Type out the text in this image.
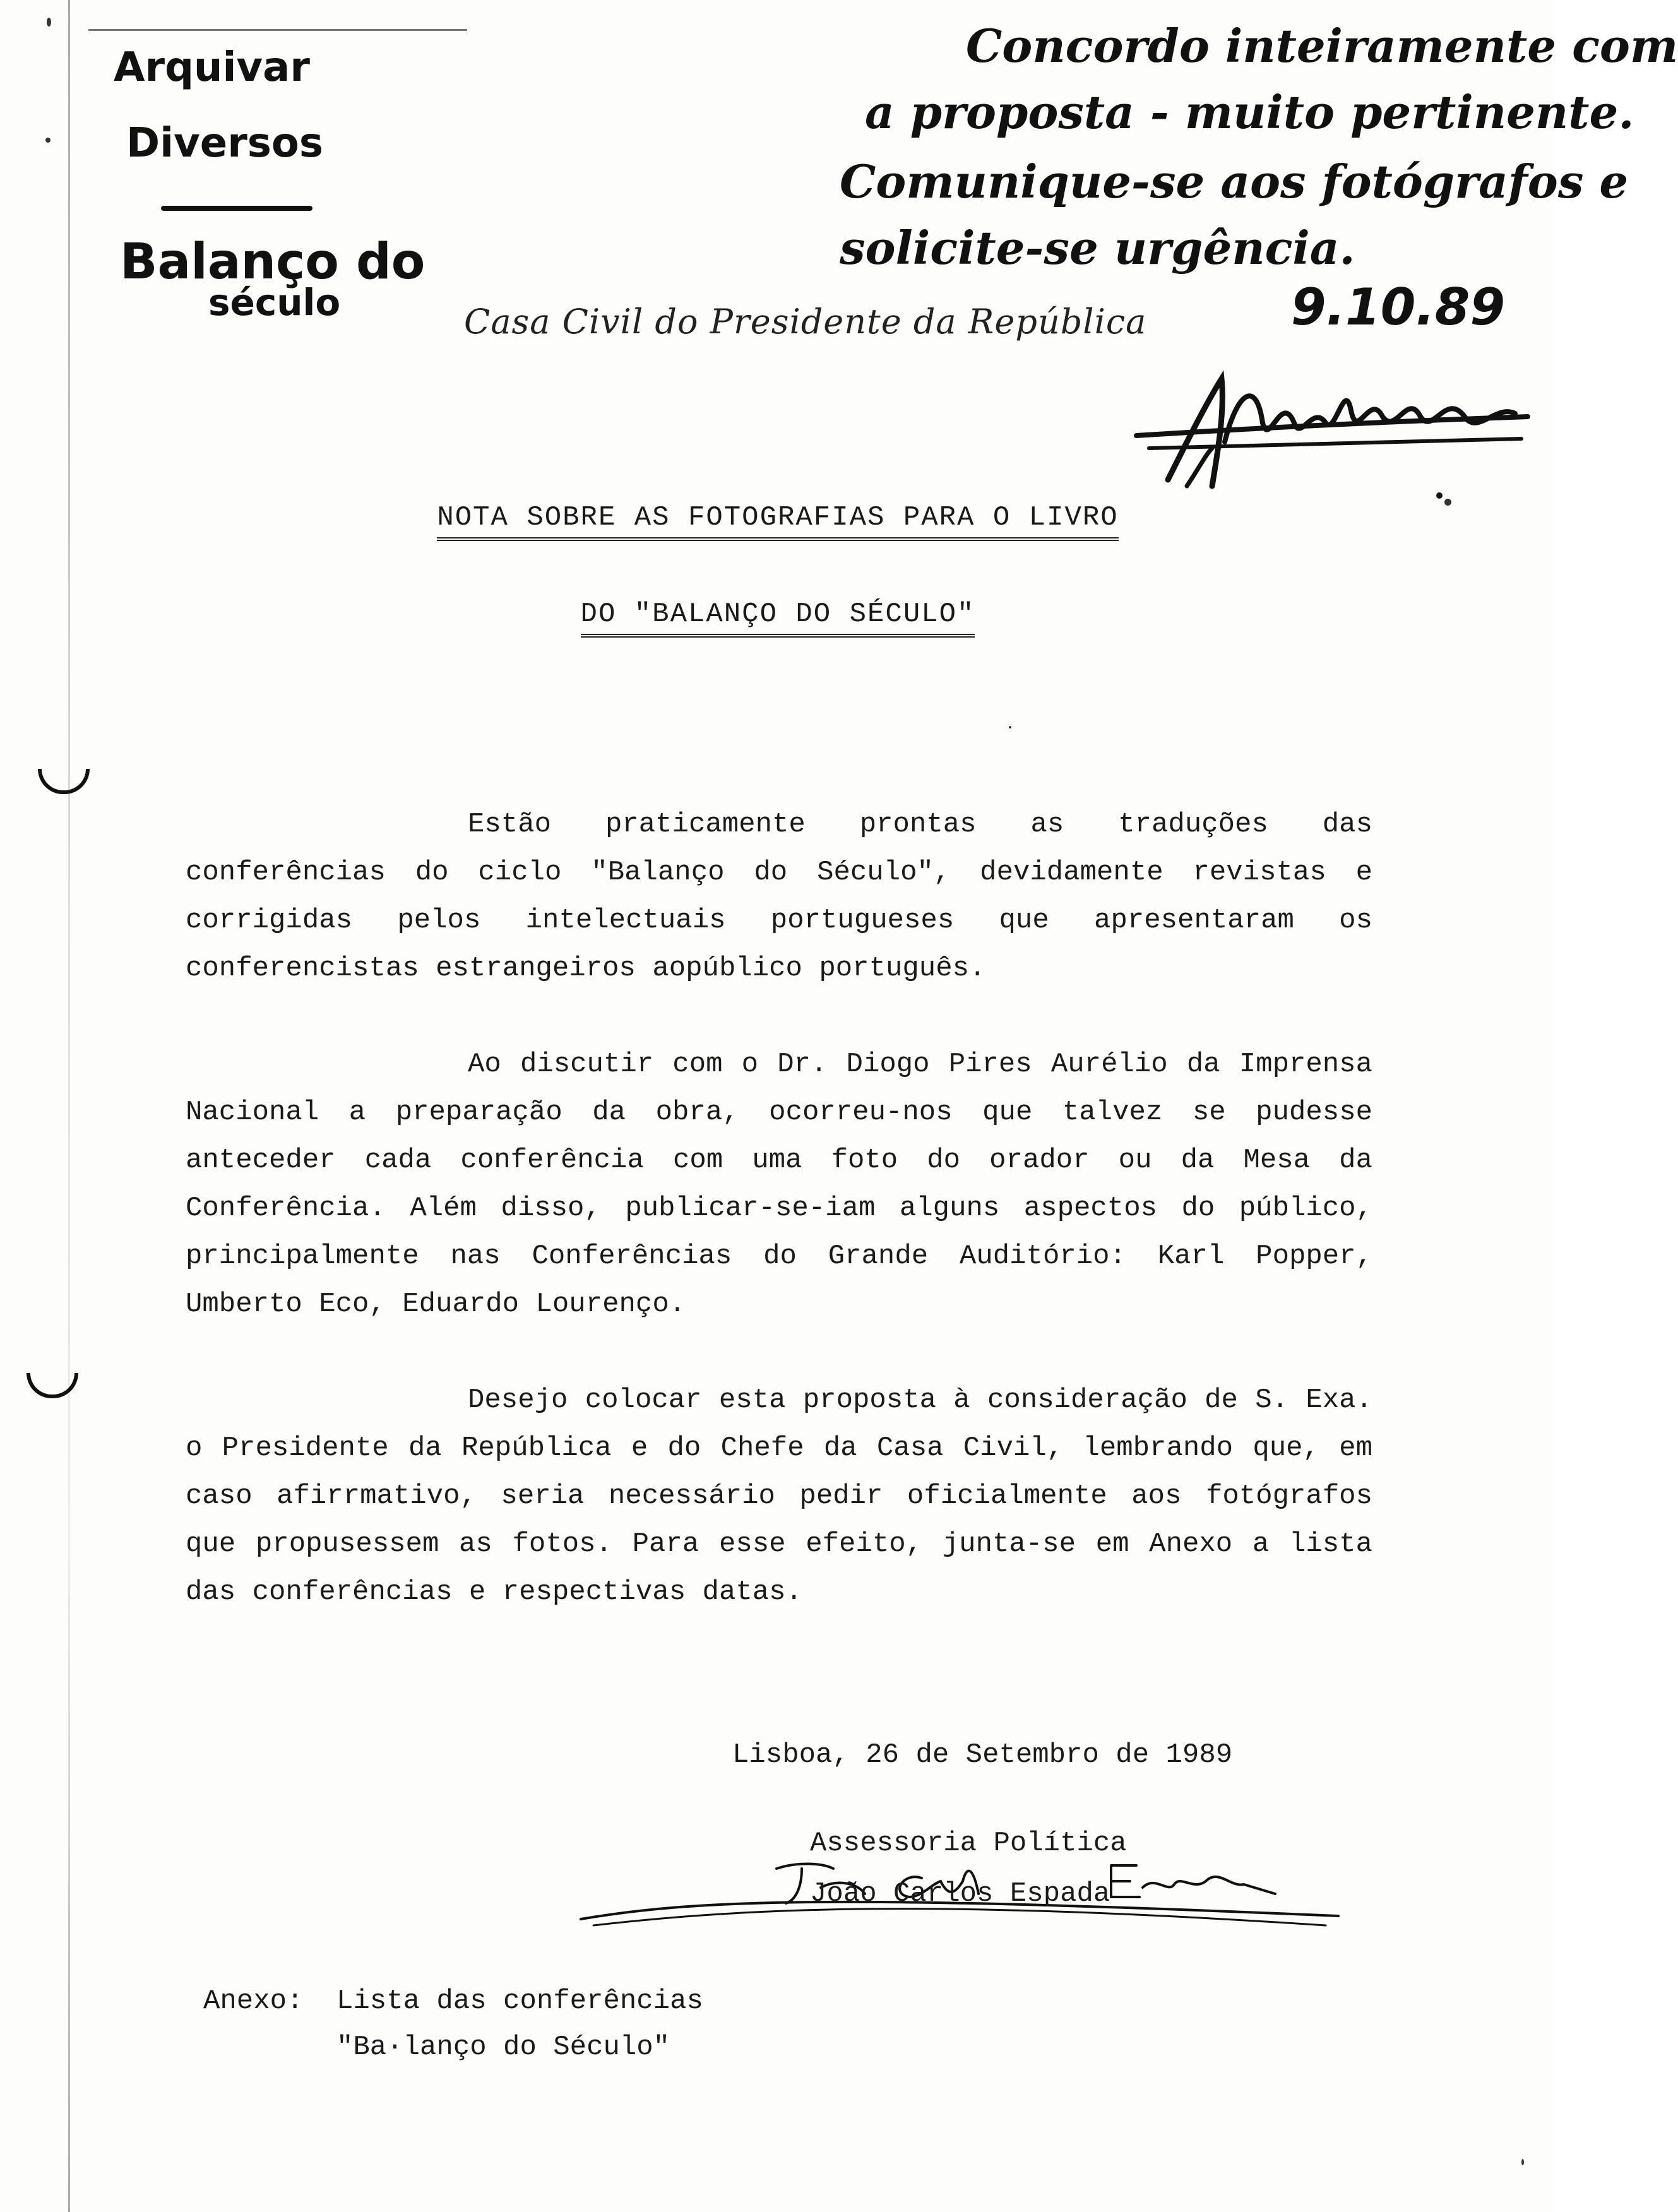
Arquivar
Diversos
Balanço do
século
Concordo inteiramente com
a proposta - muito pertinente.
Comunique-se aos fotógrafos e
solicite-se urgência.
9.10.89
Casa Civil do Presidente da República
NOTA SOBRE AS FOTOGRAFIAS PARA O LIVRO
DO "BALANÇO DO SÉCULO"

Estão praticamente prontas as traduções das conferências do ciclo "Balanço do Século", devidamente revistas e corrigidas pelos intelectuais portugueses que apresentaram os conferencistas estrangeiros aopúblico português.

Ao discutir com o Dr. Diogo Pires Aurélio da Imprensa Nacional a preparação da obra, ocorreu-nos que talvez se pudesse anteceder cada conferência com uma foto do orador ou da Mesa da Conferência. Além disso, publicar-se-iam alguns aspectos do público, principalmente nas Conferências do Grande Auditório: Karl Popper, Umberto Eco, Eduardo Lourenço.

Desejo colocar esta proposta à consideração de S. Exa. o Presidente da República e do Chefe da Casa Civil, lembrando que, em caso afirrmativo, seria necessário pedir oficialmente aos fotógrafos que propusessem as fotos. Para esse efeito, junta-se em Anexo a lista das conferências e respectivas datas.

Lisboa, 26 de Setembro de 1989
Assessoria Política
João Carlos Espada
Anexo: Lista das conferências
"Ba·lanço do Século"
